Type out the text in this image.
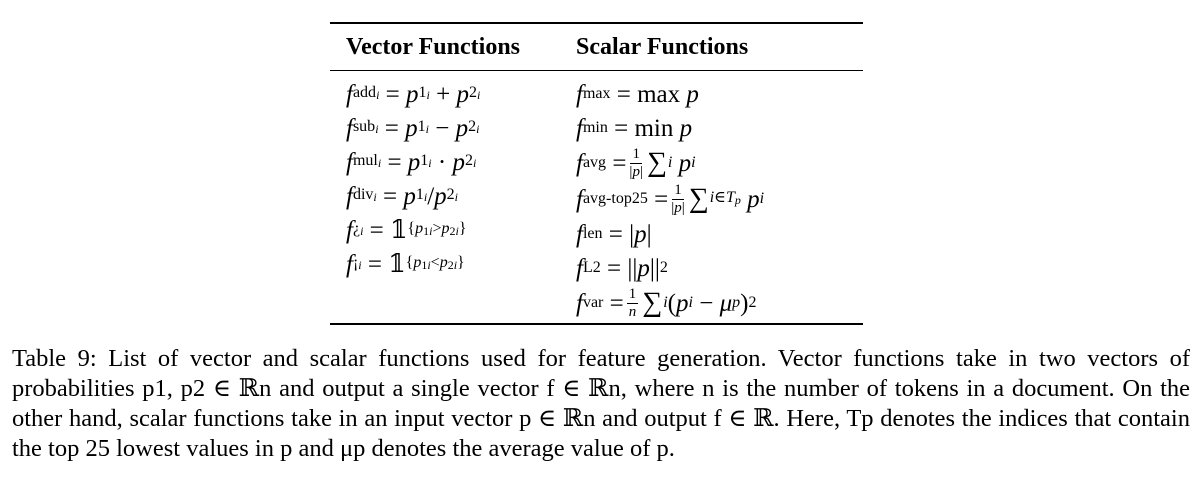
Vector Functions	Scalar Functions
f addi = p 1i + p 2i
f subi = p 1i − p 2i
f muli = p 1i · p 2i
f divi = p 1i / p 2i
f ¿i = 𝟙 {p1i>p2i}
f ¡i = 𝟙 {p1i<p2i}
f max = max p
f min = min p
f avg = $\frac{1}{|p|}$ ∑ i p i
f $avg-top25 = \frac{1}{|p|}$ ∑ i∈Tp p i
f len = | p |
f L2 = || p || 2
f var = $\frac{1}{n}$ ∑ i ( p i − μ p ) 2

Table 9: List of vector and scalar functions used for feature generation. Vector functions take in two vectors of probabilities p1, p2 ∈ ℝn and output a single vector f ∈ ℝn, where n is the number of tokens in a document. On the other hand, scalar functions take in an input vector p ∈ ℝn and output f ∈ ℝ. Here, Tp denotes the indices that contain the top 25 lowest values in p and μp denotes the average value of p.
